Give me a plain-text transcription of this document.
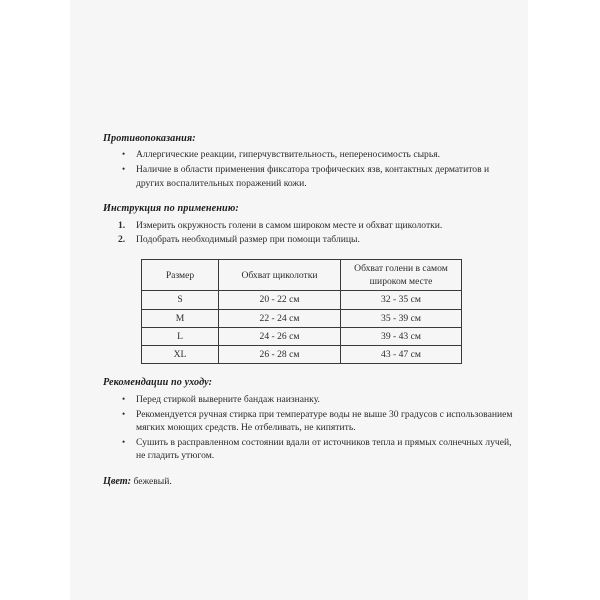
Противопоказания:
• Аллергические реакции, гиперчувствительность, непереносимость сырья.
• Наличие в области применения фиксатора трофических язв, контактных дерматитов и других воспалительных поражений кожи.
Инструкция по применению:
1. Измерить окружность голени в самом широком месте и обхват щиколотки.
2. Подобрать необходимый размер при помощи таблицы.
Размер	Обхват щиколотки	Обхват голени в самом широком месте
S	20 - 22 см	32 - 35 см
M	22 - 24 см	35 - 39 см
L	24 - 26 см	39 - 43 см
XL	26 - 28 см	43 - 47 см
Рекомендации по уходу:
• Перед стиркой выверните бандаж наизнанку.
• Рекомендуется ручная стирка при температуре воды не выше 30 градусов с использованием мягких моющих средств. Не отбеливать, не кипятить.
• Сушить в расправленном состоянии вдали от источников тепла и прямых солнечных лучей, не гладить утюгом.
Цвет: бежевый.
